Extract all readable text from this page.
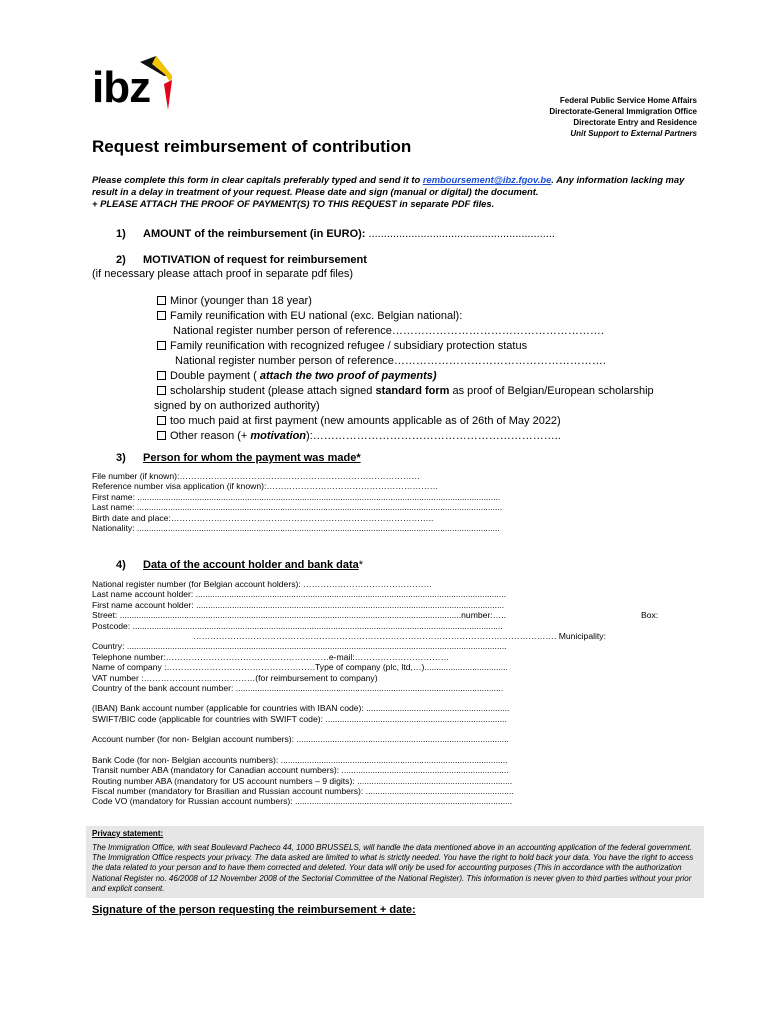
ibz	Federal Public Service Home Affairs
Directorate-General Immigration Office
Directorate Entry and Residence
Unit Support to External Partners
Request reimbursement of contribution
Please complete this form in clear capitals preferably typed and send it to remboursement@ibz.fgov.be. Any information lacking may result in a delay in treatment of your request. Please date and sign (manual or digital) the document.
+ PLEASE ATTACH THE PROOF OF PAYMENT(S) TO THIS REQUEST in separate PDF files.
1) AMOUNT of the reimbursement (in EURO): .............................................................
2) MOTIVATION of request for reimbursement
(if necessary please attach proof in separate pdf files)
Minor (younger than 18 year)
Family reunification with EU national (exc. Belgian national):
National register number person of reference………………………………………………….
Family reunification with recognized refugee / subsidiary protection status
National register number person of reference………………………………………………….
Double payment ( attach the two proof of payments)
scholarship student (please attach signed standard form as proof of Belgian/European scholarship
signed by on authorized authority)
too much paid at first payment (new amounts applicable as of 26th of May 2022)
Other reason (+ motivation):…………………………………………………………..
3) Person for whom the payment was made*
File number (if known):…………………………………………………………………………
Reference number visa application (if known):……………………………………………………
First name: ........................................................................................................................................................
Last name: .........................................................................................................................................................
Birth date and place:………………………………………………………………………………..
Nationality: ........................................................................................................................................................
4) Data of the account holder and bank data*
National register number (for Belgian account holders): ………………………………………
Last name account holder: ..................................................................................................................................
First name account holder: .................................................................................................................................
Street: ...............................................................................................................................................number:…..
Postcode: ...........................................................................................................................................................
………………………………………………………………………………………………………………. Municipality:
Country: ...............................................................................................................................................................
Telephone number:…………………………………………………e-mail:……………………………
Name of company :…………………………………………….Type of company (plc, ltd,…)...................................
VAT number :…………………………………(for reimbursement to company)
Country of the bank account number: ................................................................................................................
(IBAN) Bank account number (applicable for countries with IBAN code): ............................................................
SWIFT/BIC code (applicable for countries with SWIFT code): ............................................................................
Account number (for non- Belgian account numbers): .........................................................................................
Bank Code (for non- Belgian accounts numbers): ...............................................................................................
Transit number ABA (mandatory for Canadian account numbers): ......................................................................
Routing number ABA (mandatory for US account numbers – 9 digits): .................................................................
Fiscal number (mandatory for Brasilian and Russian account numbers): ..............................................................
Code VO (mandatory for Russian account numbers): ...........................................................................................
Box:
Privacy statement:
The Immigration Office, with seat Boulevard Pacheco 44, 1000 BRUSSELS, will handle the data mentioned above in an accounting application of the federal government. The Immigration Office respects your privacy. The data asked are limited to what is strictly needed. You have the right to hold back your data. You have the right to access the data related to your person and to have them corrected and deleted. Your data will only be used for accounting purposes (This in accordance with the authorization National Register no. 46/2008 of 12 November 2008 of the Sectorial Committee of the National Register). This information is never given to third parties without your prior and explicit consent.
Signature of the person requesting the reimbursement + date:
